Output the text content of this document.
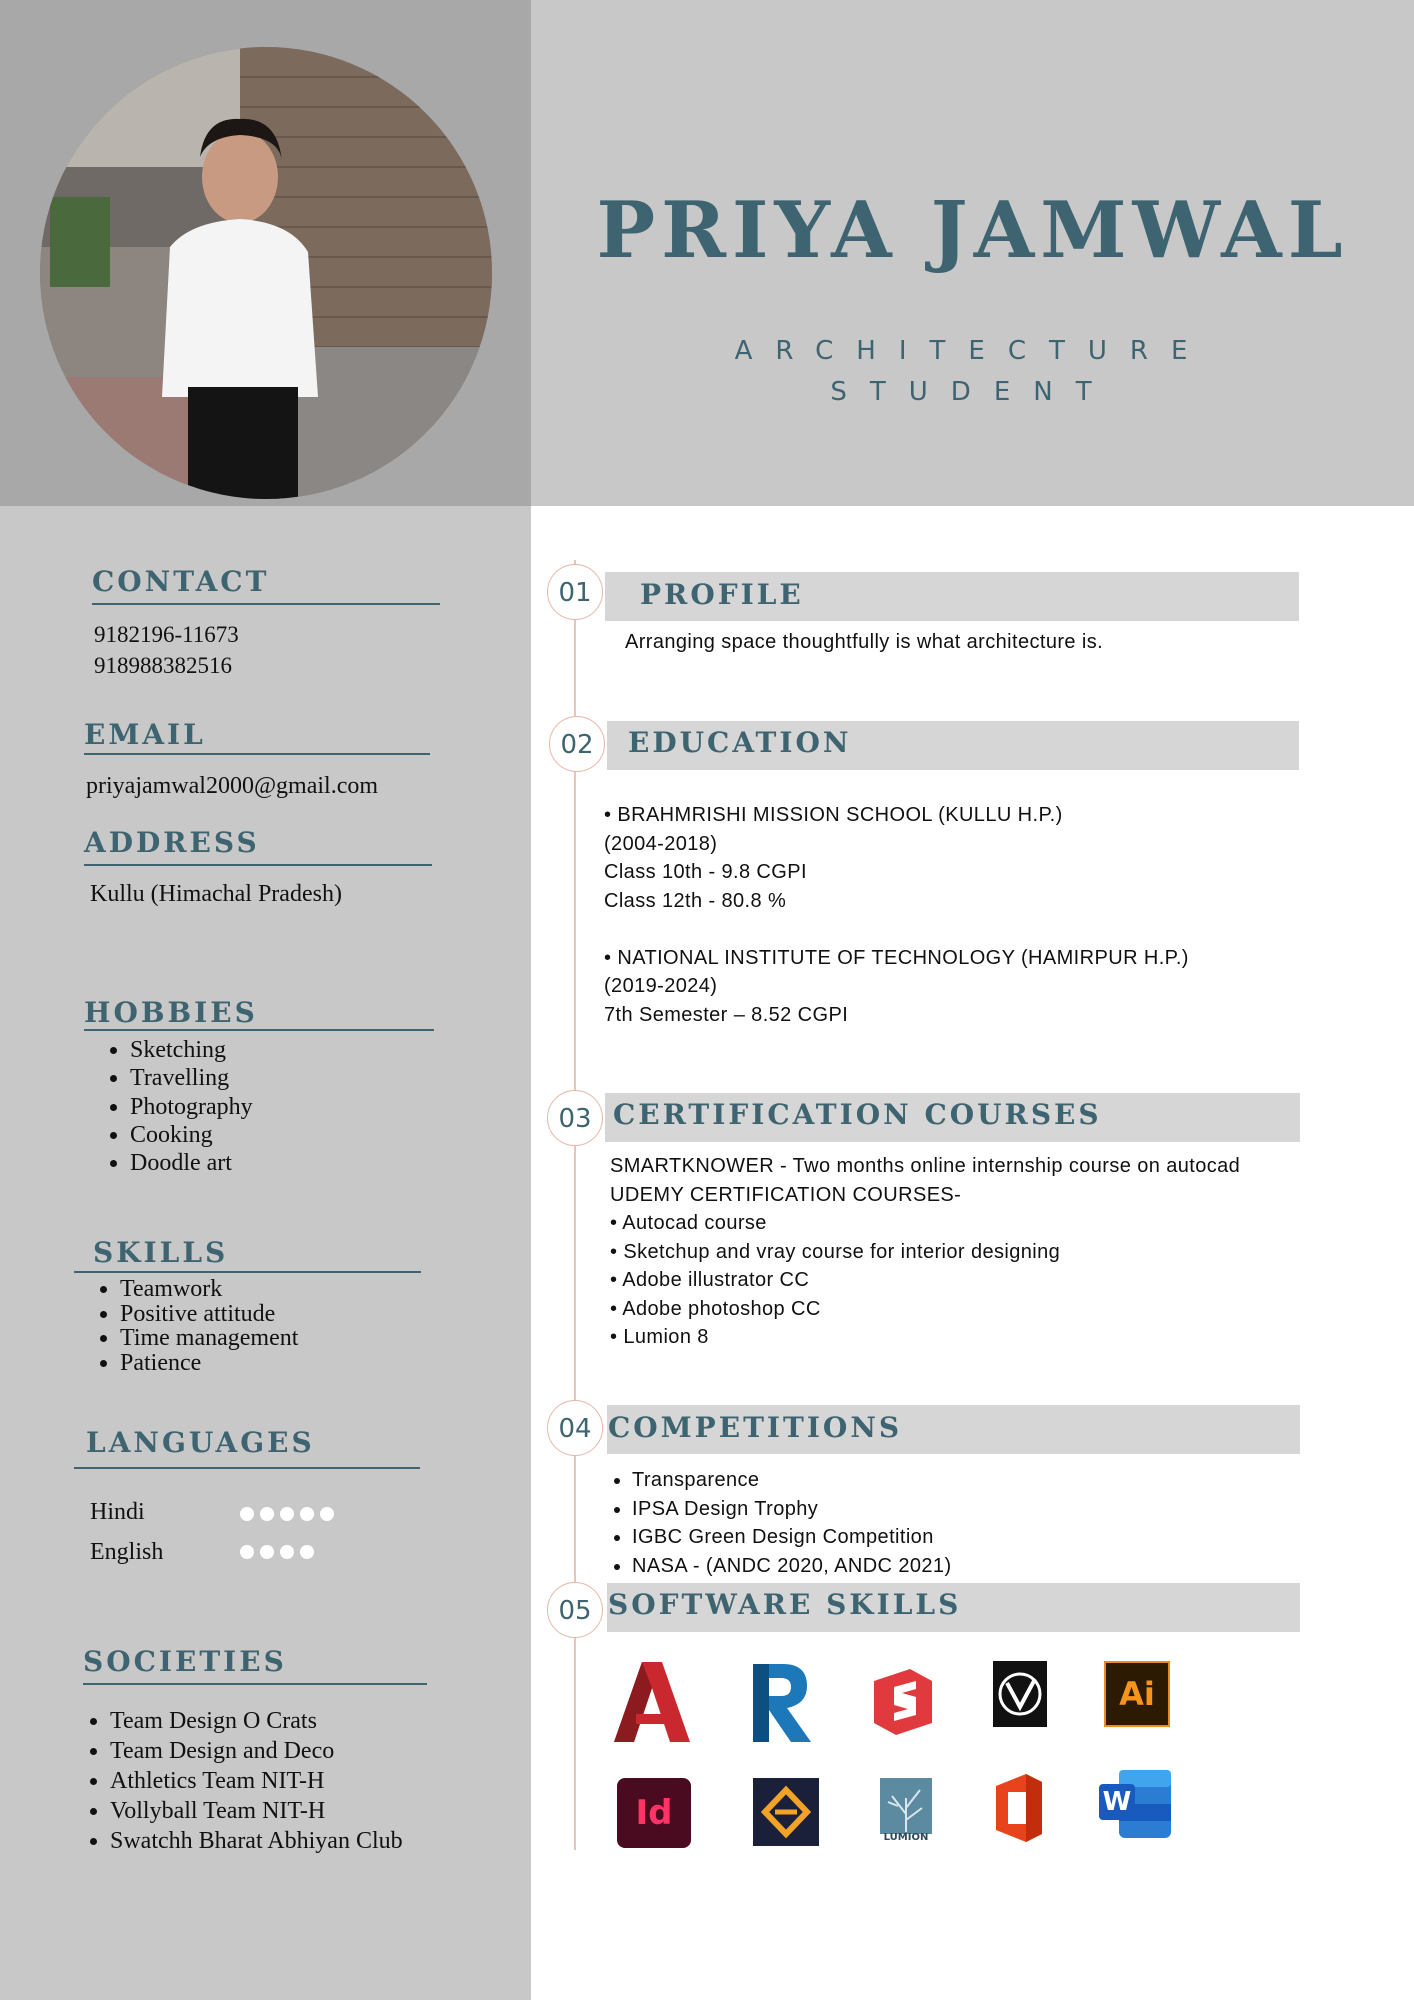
PRIYA JAMWAL
ARCHITECTURE
STUDENT
CONTACT
9182196-11673
918988382516
EMAIL
priyajamwal2000@gmail.com
ADDRESS
Kullu (Himachal Pradesh)
HOBBIES
• Sketching
• Travelling
• Photography
• Cooking
• Doodle art
SKILLS
• Teamwork
• Positive attitude
• Time management
• Patience
LANGUAGES
Hindi
English
SOCIETIES
• Team Design O Crats
• Team Design and Deco
• Athletics Team NIT-H
• Vollyball Team NIT-H
• Swatchh Bharat Abhiyan Club
01	PROFILE
Arranging space thoughtfully is what architecture is.
02	EDUCATION
• BRAHMRISHI MISSION SCHOOL (KULLU H.P.)
(2004-2018)
Class 10th - 9.8 CGPI
Class 12th - 80.8 %
• NATIONAL INSTITUTE OF TECHNOLOGY (HAMIRPUR H.P.)
(2019-2024)
7th Semester – 8.52 CGPI
03 CERTIFICATION COURSES
SMARTKNOWER - Two months online internship course on autocad
UDEMY CERTIFICATION COURSES-
• Autocad course
• Sketchup and vray course for interior designing
• Adobe illustrator CC
• Adobe photoshop CC
• Lumion 8
04 COMPETITIONS
• Transparence
• IPSA Design Trophy
• IGBC Green Design Competition
• NASA - (ANDC 2020, ANDC 2021)
05 SOFTWARE SKILLS
Ai
Id
LUMION
W
